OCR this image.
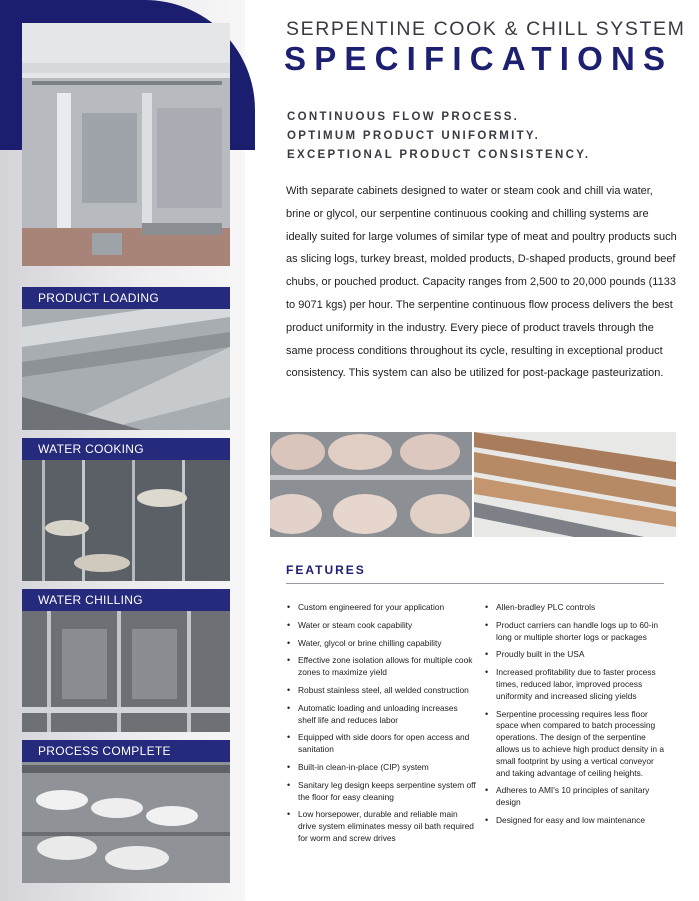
PRODUCT LOADING
WATER COOKING
WATER CHILLING
PROCESS COMPLETE
SERPENTINE COOK & CHILL SYSTEM
SPECIFICATIONS
CONTINUOUS FLOW PROCESS.
OPTIMUM PRODUCT UNIFORMITY.
EXCEPTIONAL PRODUCT CONSISTENCY.

With separate cabinets designed to water or steam cook and chill via water, brine or glycol, our serpentine continuous cooking and chilling systems are ideally suited for large volumes of similar type of meat and poultry products such as slicing logs, turkey breast, molded products, D-shaped products, ground beef chubs, or pouched product. Capacity ranges from 2,500 to 20,000 pounds (1133 to 9071 kgs) per hour. The serpentine continuous flow process delivers the best product uniformity in the industry. Every piece of product travels through the same process conditions throughout its cycle, resulting in exceptional product consistency. This system can also be utilized for post-package pasteurization.

FEATURES
• Custom engineered for your application
• Water or steam cook capability
• Water, glycol or brine chilling capability
• Effective zone isolation allows for multiple cook zones to maximize yield
• Robust stainless steel, all welded construction
• Automatic loading and unloading increases shelf life and reduces labor
• Equipped with side doors for open access and sanitation
• Built-in clean-in-place (CIP) system
• Sanitary leg design keeps serpentine system off the floor for easy cleaning
• Low horsepower, durable and reliable main drive system eliminates messy oil bath required for worm and screw drives
• Allen-bradley PLC controls
• Product carriers can handle logs up to 60-in long or multiple shorter logs or packages
• Proudly built in the USA
• Increased profitability due to faster process times, reduced labor, improved process uniformity and increased slicing yields
• Serpentine processing requires less floor space when compared to batch processing operations. The design of the serpentine allows us to achieve high product density in a small footprint by using a vertical conveyor and taking advantage of ceiling heights.
• Adheres to AMI's 10 principles of sanitary design
• Designed for easy and low maintenance
